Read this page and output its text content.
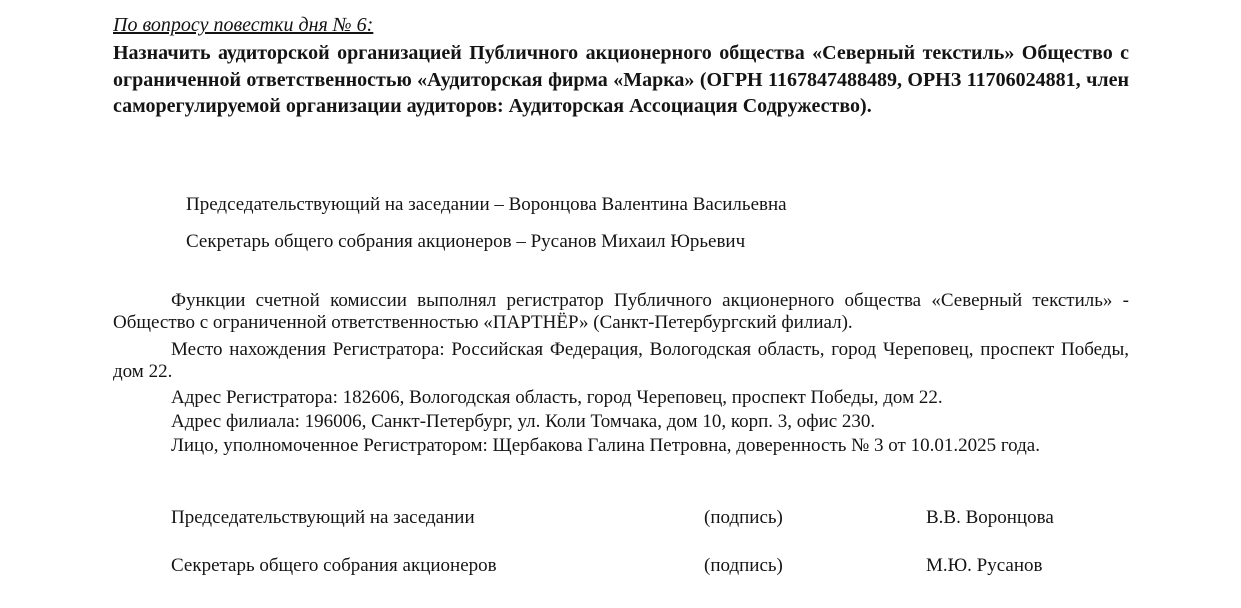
По вопросу повестки дня № 6:
Назначить аудиторской организацией Публичного акционерного общества «Северный текстиль» Общество с ограниченной ответственностью «Аудиторская фирма «Марка» (ОГРН 1167847488489, ОРНЗ 11706024881, член саморегулируемой организации аудиторов: Аудиторская Ассоциация Содружество).
Председательствующий на заседании – Воронцова Валентина Васильевна
Секретарь общего собрания акционеров – Русанов Михаил Юрьевич
Функции счетной комиссии выполнял регистратор Публичного акционерного общества «Северный текстиль» - Общество с ограниченной ответственностью «ПАРТНЁР» (Санкт-Петербургский филиал).
Место нахождения Регистратора: Российская Федерация, Вологодская область, город Череповец, проспект Победы, дом 22.
Адрес Регистратора: 182606, Вологодская область, город Череповец, проспект Победы, дом 22.
Адрес филиала: 196006, Санкт-Петербург, ул. Коли Томчака, дом 10, корп. 3, офис 230.
Лицо, уполномоченное Регистратором: Щербакова Галина Петровна, доверенность № 3 от 10.01.2025 года.
Председательствующий на заседании	(подпись)	В.В. Воронцова
Секретарь общего собрания акционеров	(подпись)	М.Ю. Русанов
